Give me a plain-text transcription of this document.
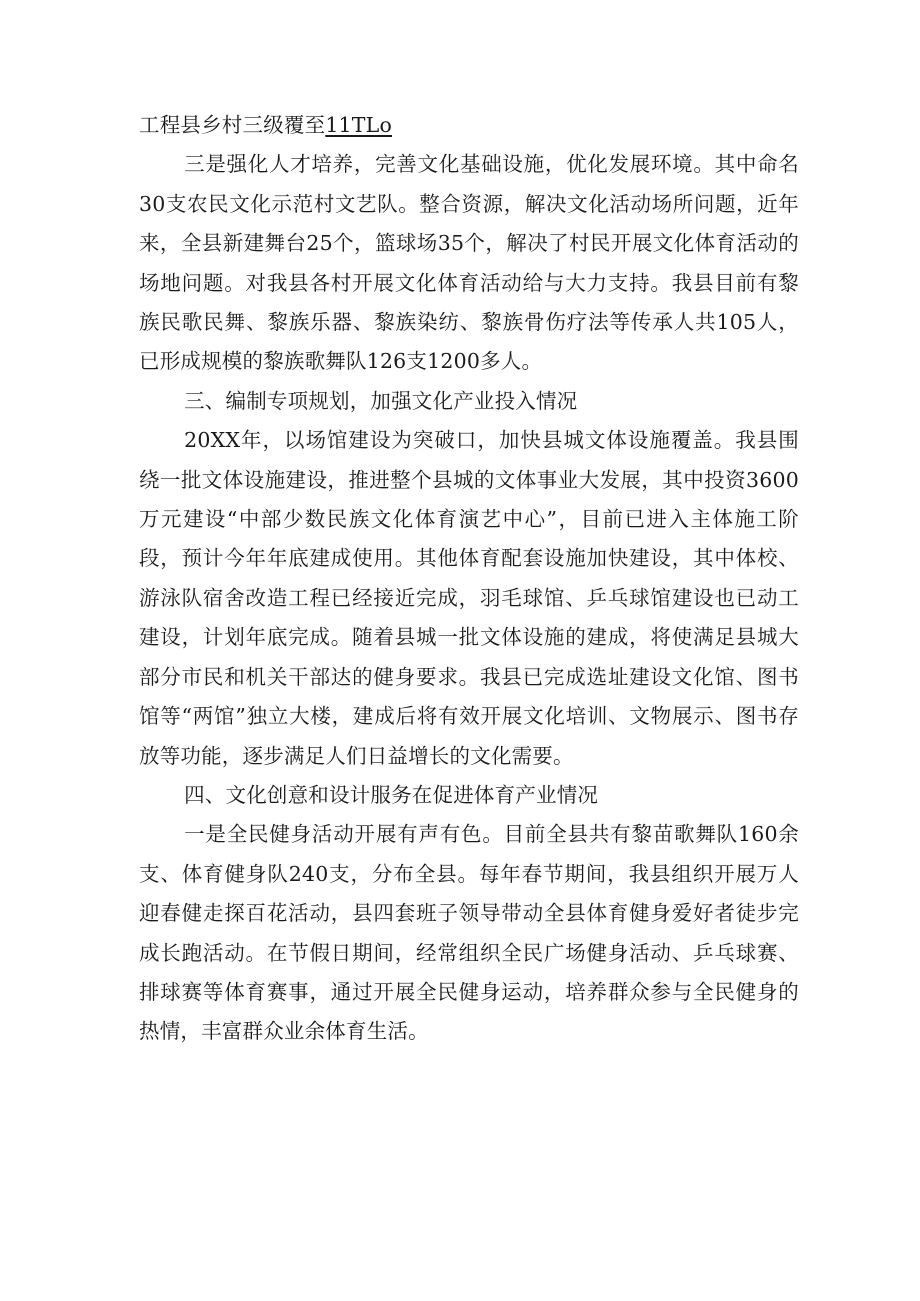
工程县乡村三级覆至11TLo

三是强化人才培养，完善文化基础设施，优化发展环境。其中命名30支农民文化示范村文艺队。整合资源，解决文化活动场所问题，近年来，全县新建舞台25个，篮球场35个，解决了村民开展文化体育活动的场地问题。对我县各村开展文化体育活动给与大力支持。我县目前有黎族民歌民舞、黎族乐器、黎族染纺、黎族骨伤疗法等传承人共105人，已形成规模的黎族歌舞队126支1200多人。

三、编制专项规划，加强文化产业投入情况

20XX年，以场馆建设为突破口，加快县城文体设施覆盖。我县围绕一批文体设施建设，推进整个县城的文体事业大发展，其中投资3600万元建设“中部少数民族文化体育演艺中心”，目前已进入主体施工阶段，预计今年年底建成使用。其他体育配套设施加快建设，其中体校、游泳队宿舍改造工程已经接近完成，羽毛球馆、乒乓球馆建设也已动工建设，计划年底完成。随着县城一批文体设施的建成，将使满足县城大部分市民和机关干部达的健身要求。我县已完成选址建设文化馆、图书馆等“两馆”独立大楼，建成后将有效开展文化培训、文物展示、图书存放等功能，逐步满足人们日益增长的文化需要。

四、文化创意和设计服务在促进体育产业情况

一是全民健身活动开展有声有色。目前全县共有黎苗歌舞队160余支、体育健身队240支，分布全县。每年春节期间，我县组织开展万人迎春健走探百花活动，县四套班子领导带动全县体育健身爱好者徒步完成长跑活动。在节假日期间，经常组织全民广场健身活动、乒乓球赛、排球赛等体育赛事，通过开展全民健身运动，培养群众参与全民健身的热情，丰富群众业余体育生活。
